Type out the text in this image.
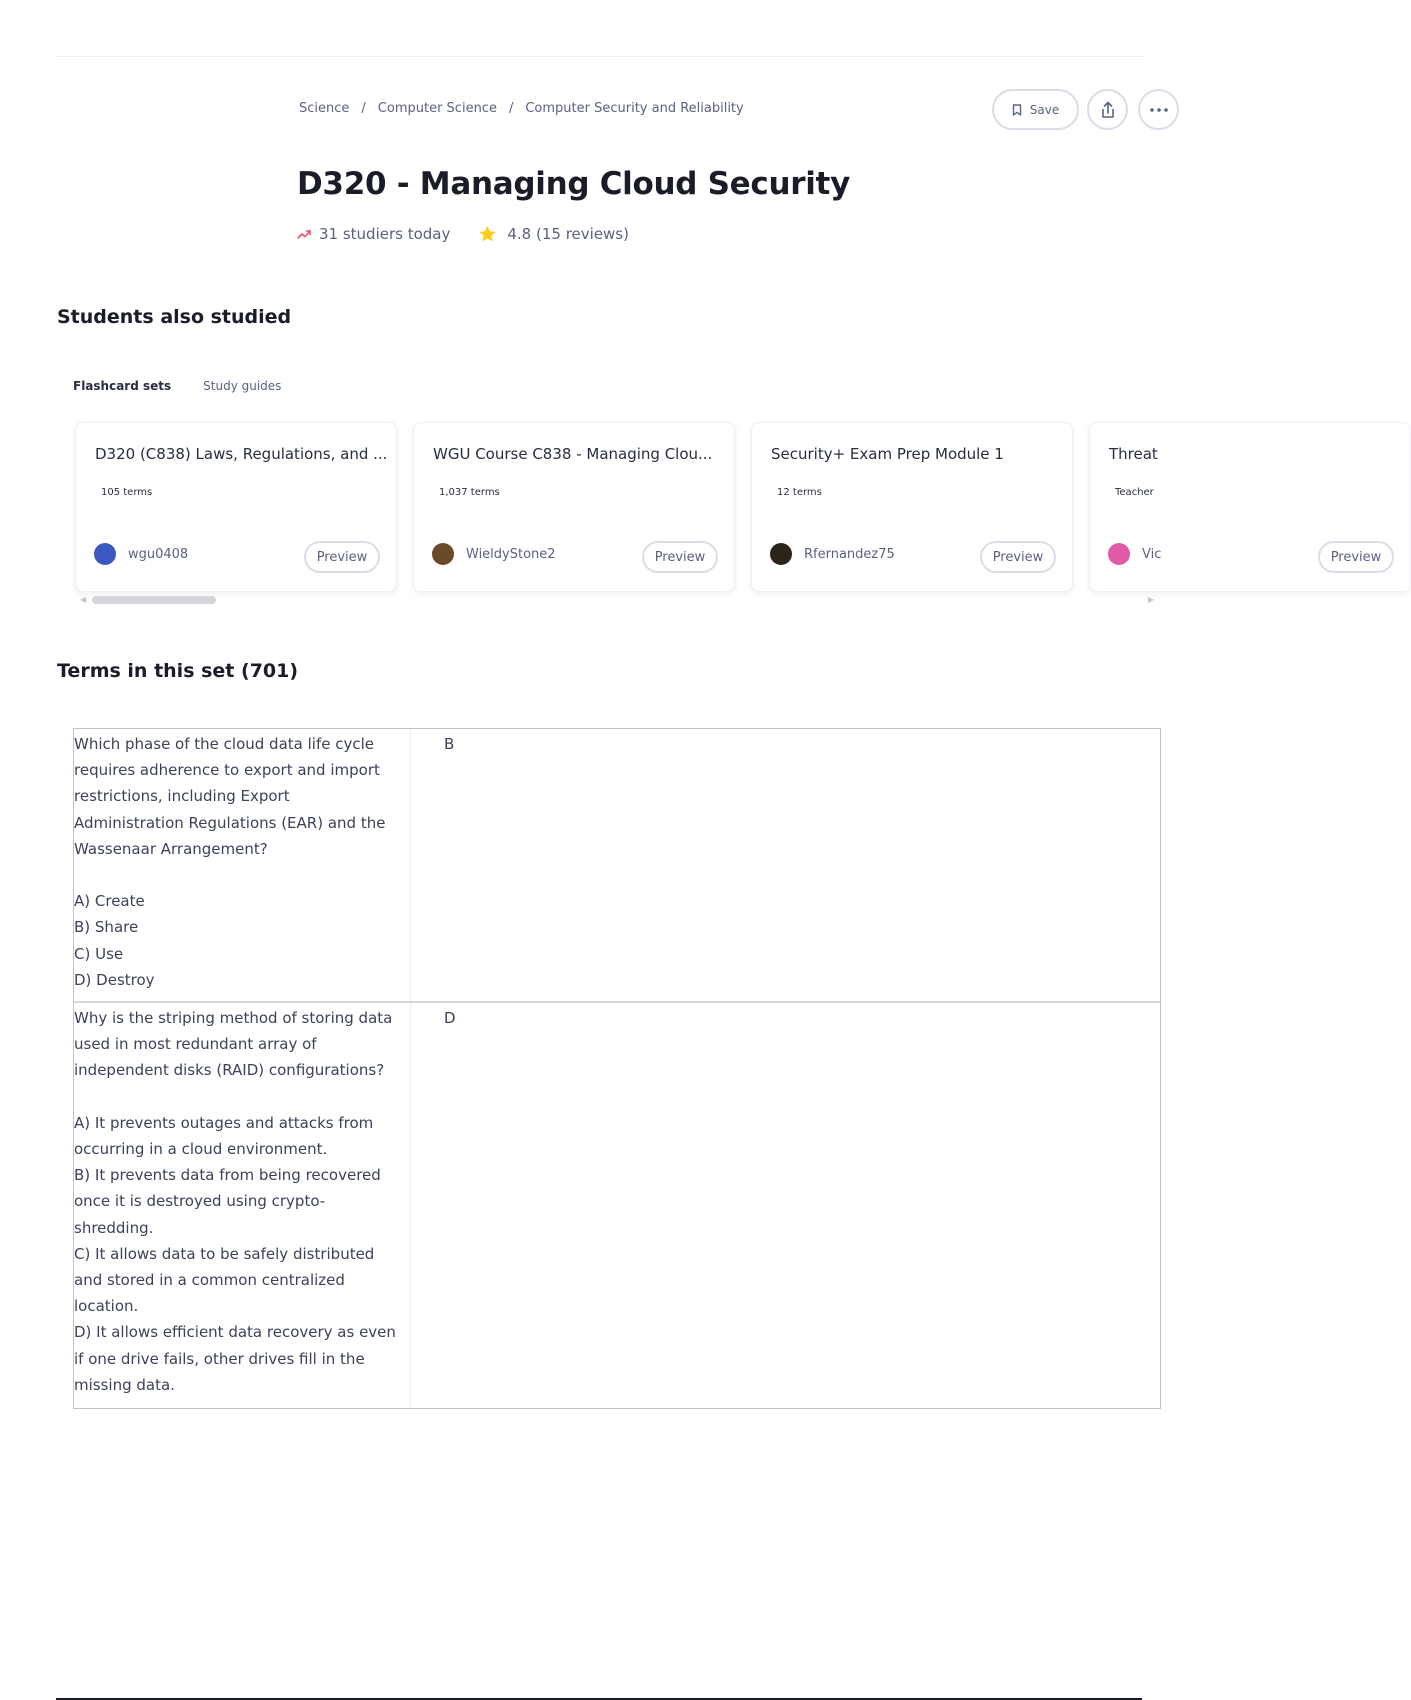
Science / Computer Science / Computer Security and Reliability	Save
D320 - Managing Cloud Security
31 studiers today	4.8 (15 reviews)
Students also studied
Flashcard sets	Study guides
D320 (C838) Laws, Regulations, and ...
105 terms
wgu0408	Preview
WGU Course C838 - Managing Clou...
1,037 terms
WieldyStone2	Preview
Security+ Exam Prep Module 1
12 terms
Rfernandez75	Preview
Threat
Teacher
Vic	Preview
◀	▶
Terms in this set (701)
Which phase of the cloud data life cycle requires adherence to export and import restrictions, including Export Administration Regulations (EAR) and the Wassenaar Arrangement?

A) Create
B) Share
C) Use
D) Destroy
B
Why is the striping method of storing data used in most redundant array of independent disks (RAID) configurations?

A) It prevents outages and attacks from occurring in a cloud environment.
B) It prevents data from being recovered once it is destroyed using crypto-shredding.
C) It allows data to be safely distributed and stored in a common centralized location.
D) It allows efficient data recovery as even if one drive fails, other drives fill in the missing data.
D
